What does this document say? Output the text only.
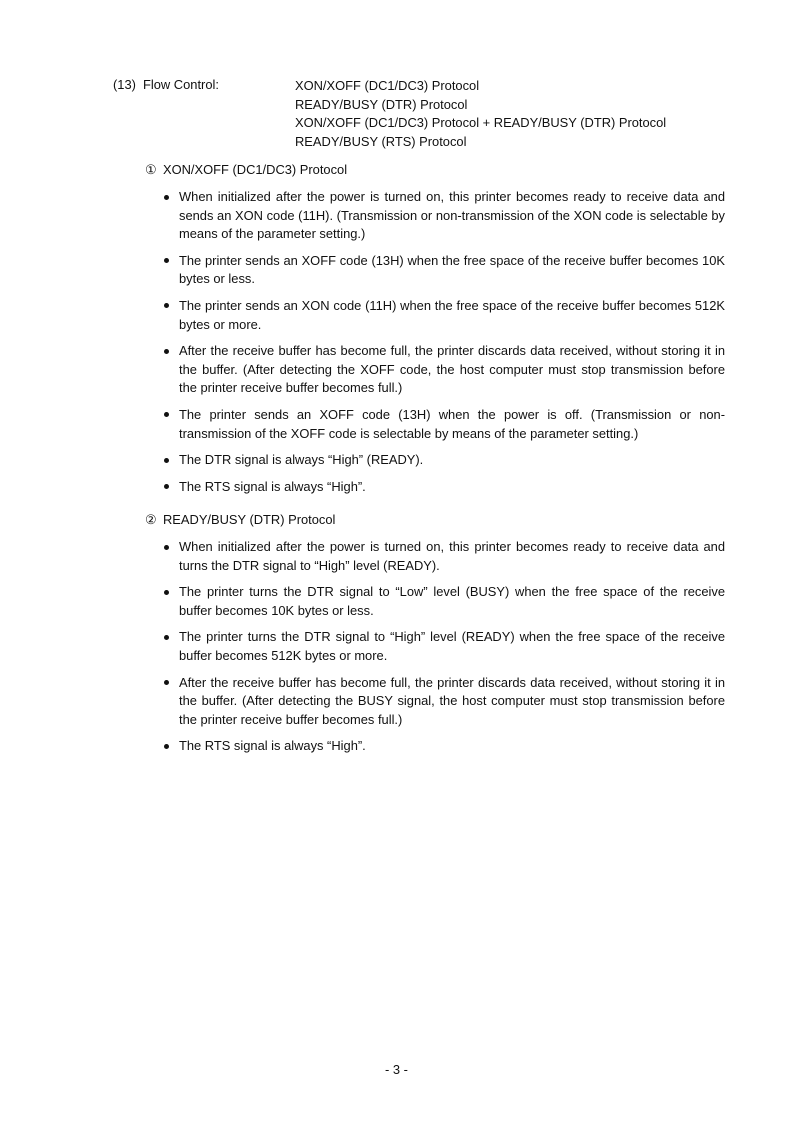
(13) Flow Control:	XON/XOFF (DC1/DC3) Protocol
READY/BUSY (DTR) Protocol
XON/XOFF (DC1/DC3) Protocol + READY/BUSY (DTR) Protocol
READY/BUSY (RTS) Protocol
① XON/XOFF (DC1/DC3) Protocol
When initialized after the power is turned on, this printer becomes ready to receive data and sends an XON code (11H). (Transmission or non-transmission of the XON code is selectable by means of the parameter setting.)
The printer sends an XOFF code (13H) when the free space of the receive buffer becomes 10K bytes or less.
The printer sends an XON code (11H) when the free space of the receive buffer becomes 512K bytes or more.
After the receive buffer has become full, the printer discards data received, without storing it in the buffer. (After detecting the XOFF code, the host computer must stop transmission before the printer receive buffer becomes full.)
The printer sends an XOFF code (13H) when the power is off. (Transmission or non-transmission of the XOFF code is selectable by means of the parameter setting.)
The DTR signal is always “High” (READY).
The RTS signal is always “High”.
② READY/BUSY (DTR) Protocol
When initialized after the power is turned on, this printer becomes ready to receive data and turns the DTR signal to “High” level (READY).
The printer turns the DTR signal to “Low” level (BUSY) when the free space of the receive buffer becomes 10K bytes or less.
The printer turns the DTR signal to “High” level (READY) when the free space of the receive buffer becomes 512K bytes or more.
After the receive buffer has become full, the printer discards data received, without storing it in the buffer. (After detecting the BUSY signal, the host computer must stop transmission before the printer receive buffer becomes full.)
The RTS signal is always “High”.
- 3 -
